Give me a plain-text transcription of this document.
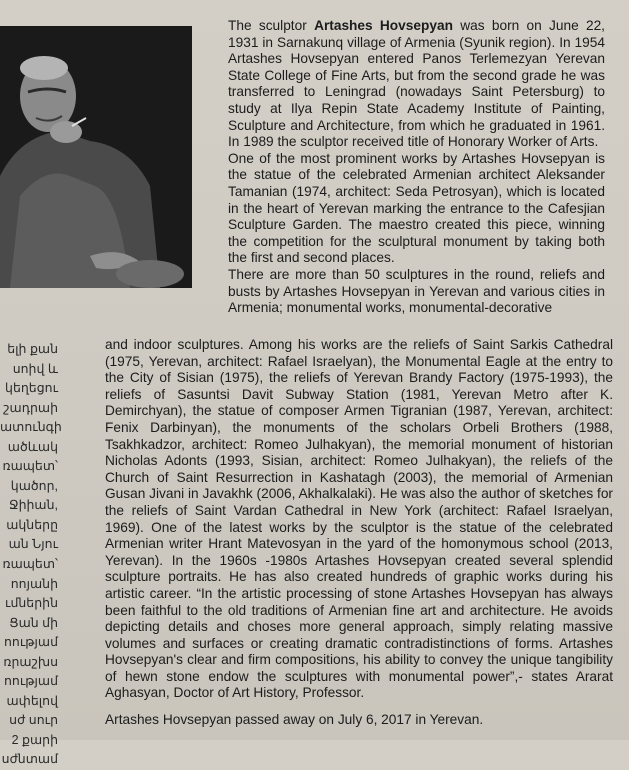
ելի քան
սոիվ և
կեղեցու
շադրաի
ատունգի
ածևակ
ռապետ՝
կածոր,
Ջիիան,
ակները
ան Նյու
ռապետ՝
ոոյանի
ւմներին
Ցան մի
ոությամ
ռրաշխս
ոությամ
ափելով
սժ սուր
2 քարի
սժնտամ

The sculptor Artashes Hovsepyan was born on June 22, 1931 in Sarnakunq village of Armenia (Syunik region). In 1954 Artashes Hovsepyan entered Panos Terlemezyan Yerevan State College of Fine Arts, but from the second grade he was transferred to Leningrad (nowadays Saint Petersburg) to study at Ilya Repin State Academy Institute of Painting, Sculpture and Architecture, from which he graduated in 1961. In 1989 the sculptor received title of Honorary Worker of Arts.

One of the most prominent works by Artashes Hovsepyan is the statue of the celebrated Armenian architect Aleksander Tamanian (1974, architect: Seda Petrosyan), which is located in the heart of Yerevan marking the entrance to the Cafesjian Sculpture Garden. The maestro created this piece, winning the competition for the sculptural monument by taking both the first and second places.

There are more than 50 sculptures in the round, reliefs and busts by Artashes Hovsepyan in Yerevan and various cities in Armenia; monumental works, monumental-decorative

and indoor sculptures. Among his works are the reliefs of Saint Sarkis Cathedral (1975, Yerevan, architect: Rafael Israelyan), the Monumental Eagle at the entry to the City of Sisian (1975), the reliefs of Yerevan Brandy Factory (1975-1993), the reliefs of Sasuntsi Davit Subway Station (1981, Yerevan Metro after K. Demirchyan), the statue of composer Armen Tigranian (1987, Yerevan, architect: Fenix Darbinyan), the monuments of the scholars Orbeli Brothers (1988, Tsakhkadzor, architect: Romeo Julhakyan), the memorial monument of historian Nicholas Adonts (1993, Sisian, architect: Romeo Julhakyan), the reliefs of the Church of Saint Resurrection in Kashatagh (2003), the memorial of Armenian Gusan Jivani in Javakhk (2006, Akhalkalaki). He was also the author of sketches for the reliefs of Saint Vardan Cathedral in New York (architect: Rafael Israelyan, 1969). One of the latest works by the sculptor is the statue of the celebrated Armenian writer Hrant Matevosyan in the yard of the homonymous school (2013, Yerevan). In the 1960s -1980s Artashes Hovsepyan created several splendid sculpture portraits. He has also created hundreds of graphic works during his artistic career. “In the artistic processing of stone Artashes Hovsepyan has always been faithful to the old traditions of Armenian fine art and architecture. He avoids depicting details and choses more general approach, simply relating massive volumes and surfaces or creating dramatic contradistinctions of forms. Artashes Hovsepyan's clear and firm compositions, his ability to convey the unique tangibility of hewn stone endow the sculptures with monumental power”,- states Ararat Aghasyan, Doctor of Art History, Professor.

Artashes Hovsepyan passed away on July 6, 2017 in Yerevan.
